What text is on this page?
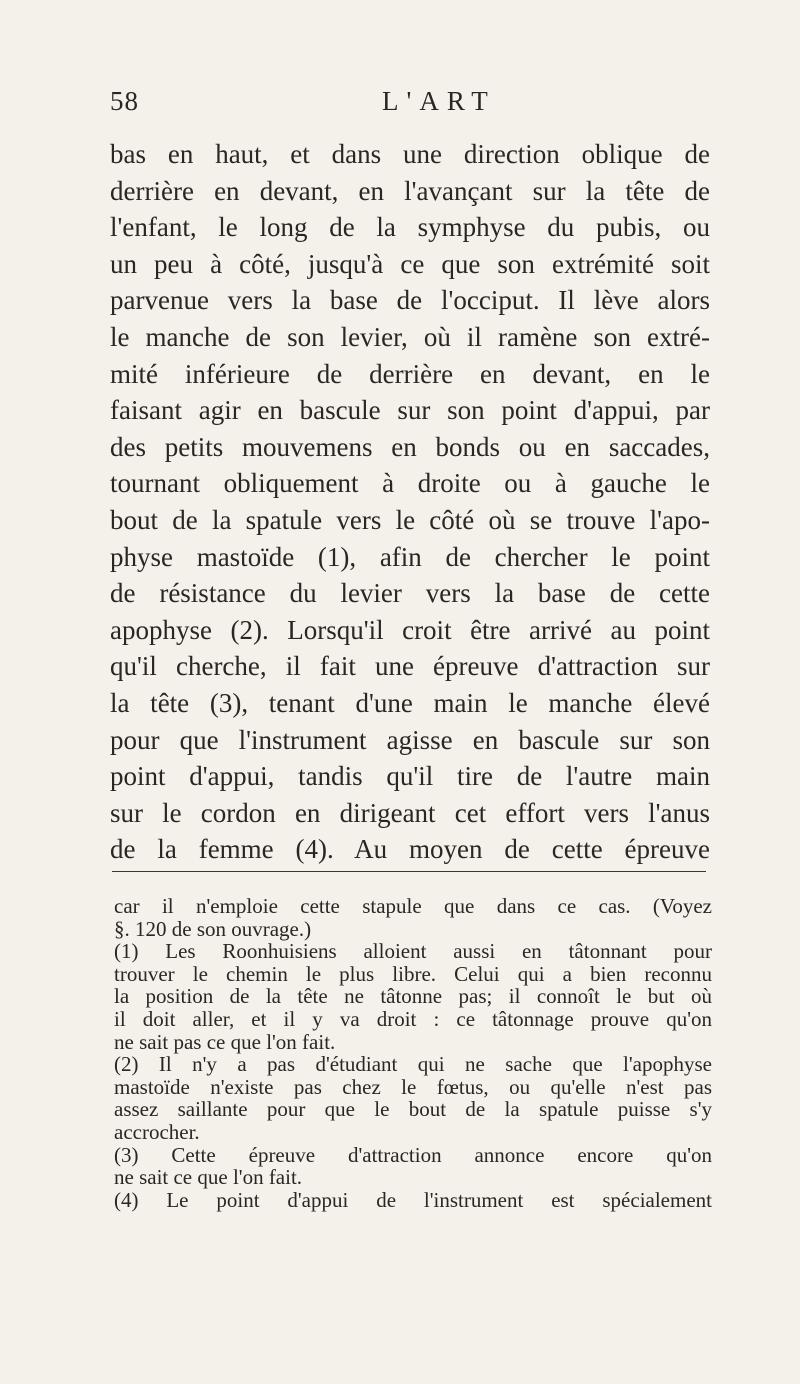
58	L'ART
bas en haut, et dans une direction oblique de
derrière en devant, en l'avançant sur la tête de
l'enfant, le long de la symphyse du pubis, ou
un peu à côté, jusqu'à ce que son extrémité soit
parvenue vers la base de l'occiput. Il lève alors
le manche de son levier, où il ramène son extré-
mité inférieure de derrière en devant, en le
faisant agir en bascule sur son point d'appui, par
des petits mouvemens en bonds ou en saccades,
tournant obliquement à droite ou à gauche le
bout de la spatule vers le côté où se trouve l'apo-
physe mastoïde (1), afin de chercher le point
de résistance du levier vers la base de cette
apophyse (2). Lorsqu'il croit être arrivé au point
qu'il cherche, il fait une épreuve d'attraction sur
la tête (3), tenant d'une main le manche élevé
pour que l'instrument agisse en bascule sur son
point d'appui, tandis qu'il tire de l'autre main
sur le cordon en dirigeant cet effort vers l'anus
de la femme (4). Au moyen de cette épreuve
car il n'emploie cette stapule que dans ce cas. (Voyez
§. 120 de son ouvrage.)
(1) Les Roonhuisiens alloient aussi en tâtonnant pour
trouver le chemin le plus libre. Celui qui a bien reconnu
la position de la tête ne tâtonne pas; il connoît le but où
il doit aller, et il y va droit : ce tâtonnage prouve qu'on
ne sait pas ce que l'on fait.
(2) Il n'y a pas d'étudiant qui ne sache que l'apophyse
mastoïde n'existe pas chez le fœtus, ou qu'elle n'est pas
assez saillante pour que le bout de la spatule puisse s'y
accrocher.
(3) Cette épreuve d'attraction annonce encore qu'on
ne sait ce que l'on fait.
(4) Le point d'appui de l'instrument est spécialement
